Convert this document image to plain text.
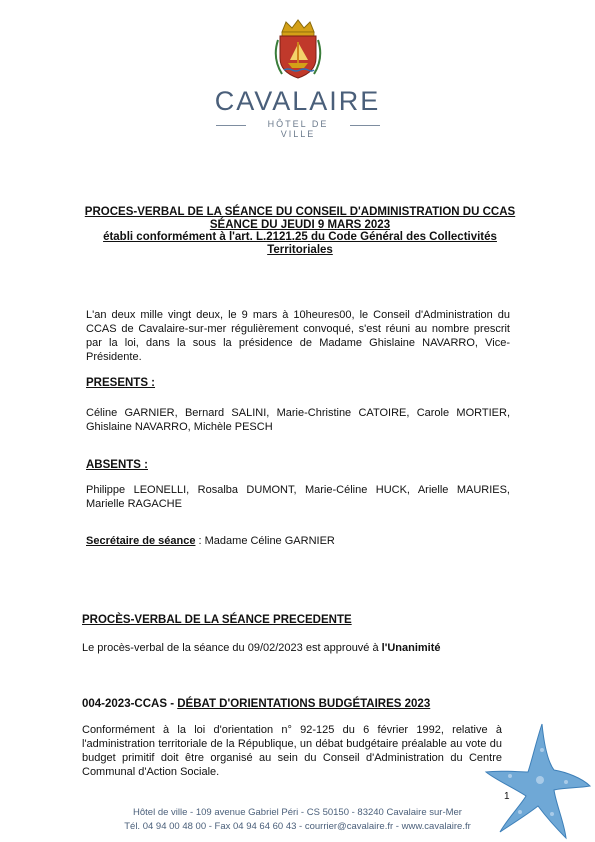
CAVALAIRE
HÔTEL DE VILLE
PROCES-VERBAL DE LA SÉANCE DU CONSEIL D'ADMINISTRATION DU CCAS
SÉANCE DU JEUDI 9 MARS 2023
établi conformément à l'art. L.2121.25 du Code Général des Collectivités Territoriales
L'an deux mille vingt deux, le 9 mars à 10heures00, le Conseil d'Administration du CCAS de Cavalaire-sur-mer régulièrement convoqué, s'est réuni au nombre prescrit par la loi, dans la sous la présidence de Madame Ghislaine NAVARRO, Vice-Présidente.
PRESENTS :
Céline GARNIER, Bernard SALINI, Marie-Christine CATOIRE, Carole MORTIER, Ghislaine NAVARRO, Michèle PESCH
ABSENTS :
Philippe LEONELLI, Rosalba DUMONT, Marie-Céline HUCK, Arielle MAURIES, Marielle RAGACHE
Secrétaire de séance : Madame Céline GARNIER
PROCÈS-VERBAL DE LA SÉANCE PRECEDENTE
Le procès-verbal de la séance du 09/02/2023 est approuvé à l'Unanimité
004-2023-CCAS - DÉBAT D'ORIENTATIONS BUDGÉTAIRES 2023
Conformément à la loi d'orientation n° 92-125 du 6 février 1992, relative à l'administration territoriale de la République, un débat budgétaire préalable au vote du budget primitif doit être organisé au sein du Conseil d'Administration du Centre Communal d'Action Sociale.
1
Hôtel de ville - 109 avenue Gabriel Péri - CS 50150 - 83240 Cavalaire sur-Mer
Tél. 04 94 00 48 00 - Fax 04 94 64 60 43 - courrier@cavalaire.fr - www.cavalaire.fr
